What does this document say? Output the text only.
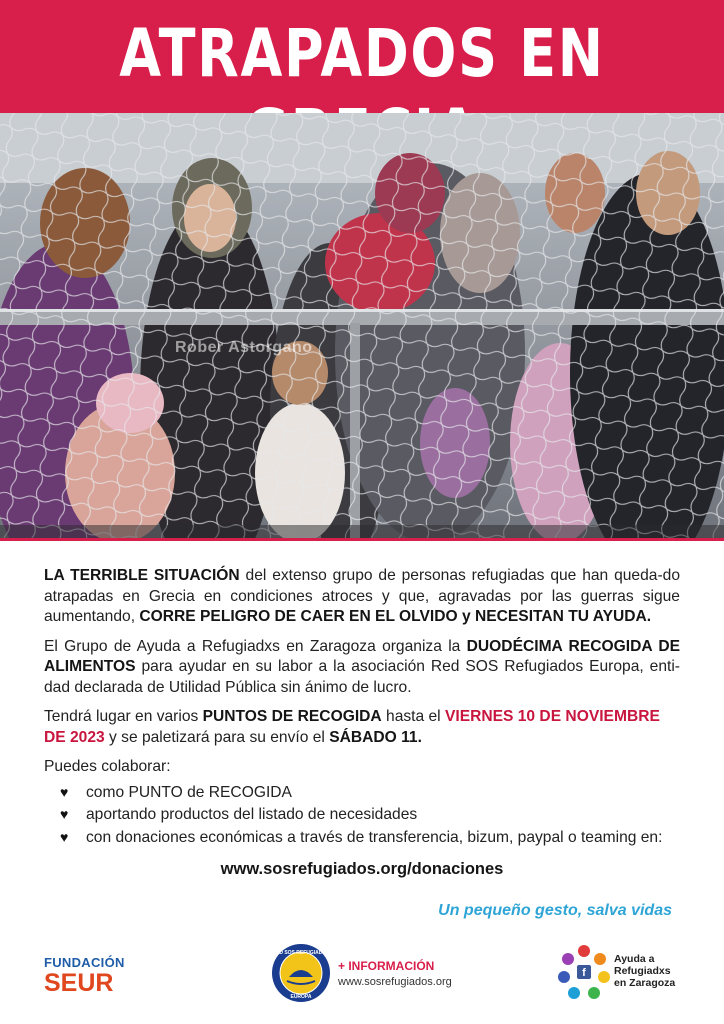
ATRAPADOS EN
Rober Astorgano

LA TERRIBLE SITUACIÓN del extenso grupo de personas refugiadas que han queda-do atrapadas en Grecia en condiciones atroces y que, agravadas por las guerras sigue aumentando, CORRE PELIGRO DE CAER EN EL OLVIDO y NECESITAN TU AYUDA.

El Grupo de Ayuda a Refugiadxs en Zaragoza organiza la DUODÉCIMA RECOGIDA DE ALIMENTOS para ayudar en su labor a la asociación Red SOS Refugiados Europa, enti-dad declarada de Utilidad Pública sin ánimo de lucro.

Tendrá lugar en varios PUNTOS DE RECOGIDA hasta el VIERNES 10 DE NOVIEMBRE DE 2023 y se paletizará para su envío el SÁBADO 11.

Puedes colaborar:
♥	como PUNTO de RECOGIDA
♥	aportando productos del listado de necesidades
♥	con donaciones económicas a través de transferencia, bizum, paypal o teaming en:
www.sosrefugiados.org/donaciones
Un pequeño gesto, salva vidas
FUNDACIÓN
SEUR
RED SOS REFUGIADOS
EUROPA
+ INFORMACIÓN
www.sosrefugiados.org
f
Ayuda a
Refugiadxs
en Zaragoza
